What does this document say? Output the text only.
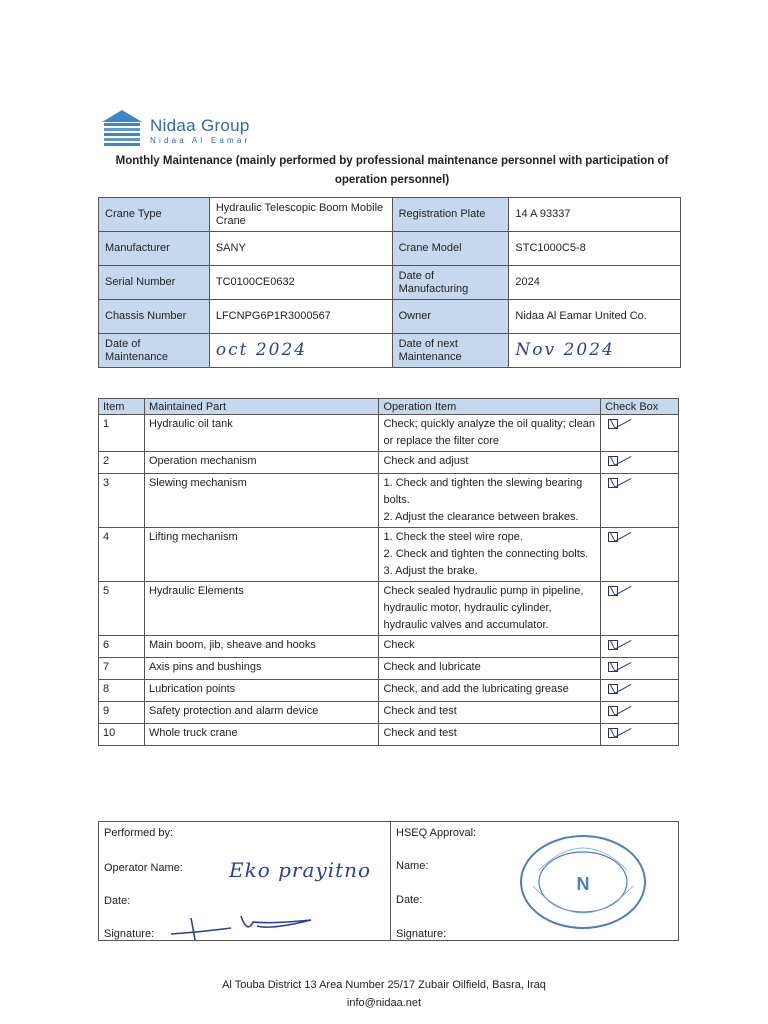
Nidaa Group
Nidaa Al Eamar
Monthly Maintenance (mainly performed by professional maintenance personnel with participation of operation personnel)
Crane Type	Hydraulic Telescopic Boom Mobile Crane	Registration Plate	14 A 93337
Manufacturer	SANY	Crane Model	STC1000C5-8
Serial Number	TC0100CE0632	Date of Manufacturing	2024
Chassis Number	LFCNPG6P1R3000567	Owner	Nidaa Al Eamar United Co.
Date of Maintenance	oct 2024	Date of next Maintenance	Nov 2024
Item	Maintained Part	Operation Item	Check Box
1	Hydraulic oil tank	Check; quickly analyze the oil quality; clean or replace the filter core	
2	Operation mechanism	Check and adjust	
3	Slewing mechanism	1. Check and tighten the slewing bearing bolts.
2. Adjust the clearance between brakes.	
4	Lifting mechanism	1. Check the steel wire rope.
2. Check and tighten the connecting bolts.
3. Adjust the brake.	
5	Hydraulic Elements	Check sealed hydraulic pump in pipeline, hydraulic motor, hydraulic cylinder, hydraulic valves and accumulator.	
6	Main boom, jib, sheave and hooks	Check	
7	Axis pins and bushings	Check and lubricate	
8	Lubrication points	Check, and add the lubricating grease	
9	Safety protection and alarm device	Check and test	
10	Whole truck crane	Check and test	
Performed by:
Operator Name: Eko prayitno
Date:
Signature:
HSEQ Approval:
Name:
Date:
Signature:
N
Al Touba District 13 Area Number 25/17 Zubair Oilfield, Basra, Iraq
info@nidaa.net
